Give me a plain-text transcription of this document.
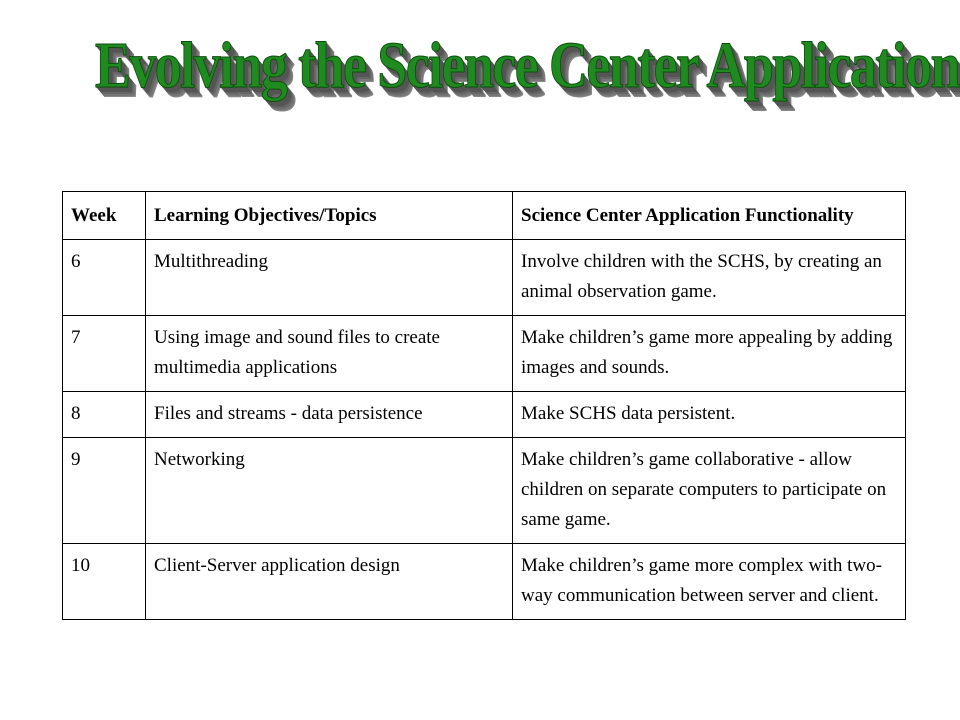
Evolving the Science Center Application
Week	Learning Objectives/Topics	Science Center Application Functionality
6	Multithreading	Involve children with the SCHS, by creating an animal observation game.
7	Using image and sound files to create multimedia applications	Make children’s game more appealing by adding images and sounds.
8	Files and streams - data persistence	Make SCHS data persistent.
9	Networking	Make children’s game collaborative - allow children on separate computers to participate on same game.
10	Client-Server application design	Make children’s game more complex with two-way communication between server and client.
